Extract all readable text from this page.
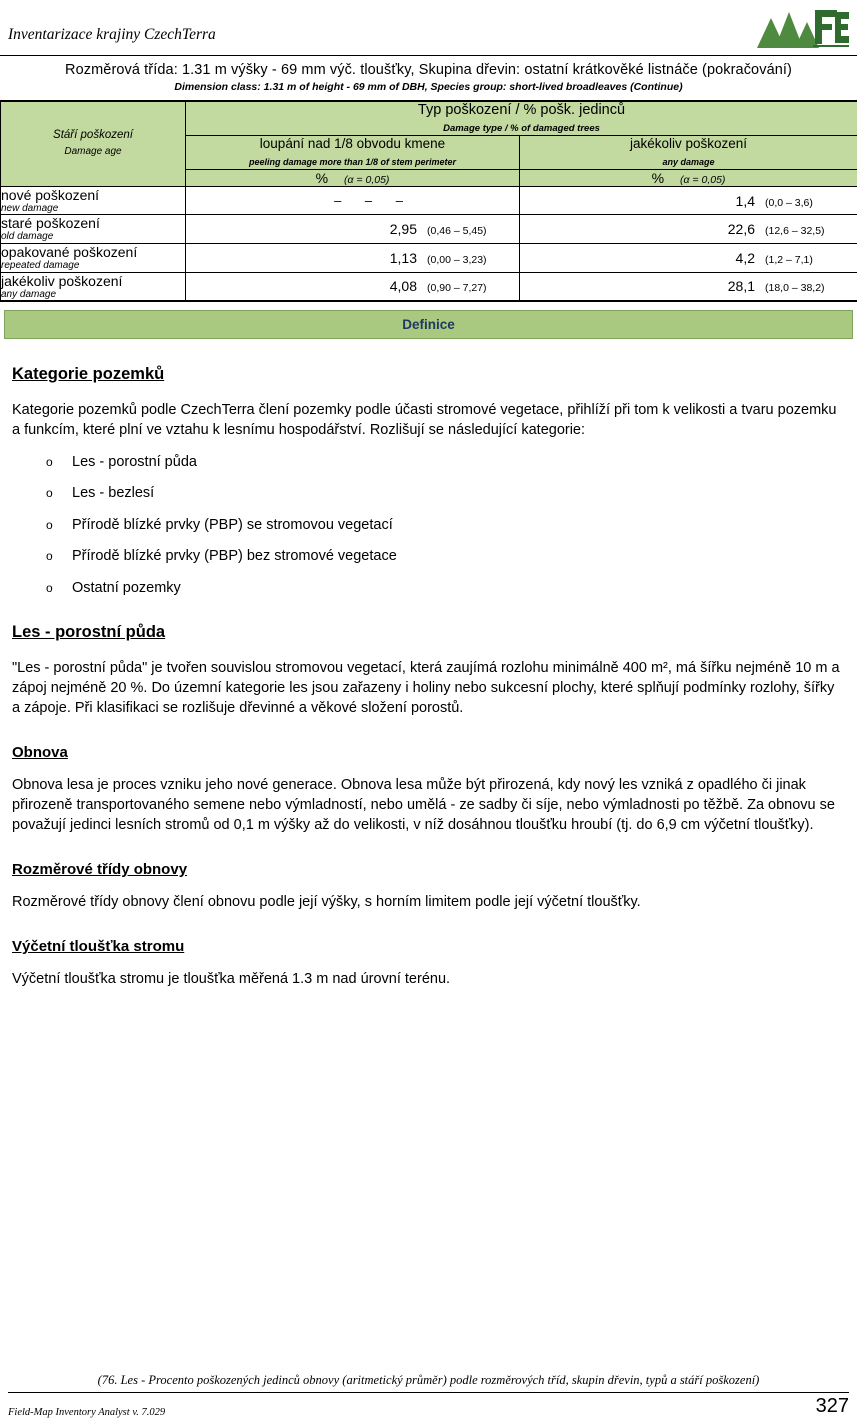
Inventarizace krajiny CzechTerra
Rozměrová třída: 1.31 m výšky - 69 mm výč. tloušťky, Skupina dřevin: ostatní krátkověké listnáče (pokračování)
Dimension class: 1.31 m of height - 69 mm of DBH, Species group: short-lived broadleaves (Continue)
Stáří poškození
Damage age	Typ poškození / % pošk. jedinců
Damage type / % of damaged trees	
	loupání nad 1/8 obvodu kmene
peeling damage more than 1/8 of stem perimeter	jakékoliv poškození
any damage

	% (α = 0,05)	% (α = 0,05)

nové poškození
new damage	– – –	1,4 (0,0 – 3,6)

staré poškození
old damage	2,95 (0,46 – 5,45)	22,6 (12,6 – 32,5)

opakované poškození
repeated damage	1,13 (0,00 – 3,23)	4,2 (1,2 – 7,1)

jakékoliv poškození
any damage	4,08 (0,90 – 7,27)	28,1 (18,0 – 38,2)
Definice
Kategorie pozemků

Kategorie pozemků podle CzechTerra člení pozemky podle účasti stromové vegetace, přihlíží při tom k velikosti a tvaru pozemku a funkcím, které plní ve vztahu k lesnímu hospodářství. Rozlišují se následující kategorie:

o Les - porostní půda
o Les - bezlesí
o Přírodě blízké prvky (PBP) se stromovou vegetací
o Přírodě blízké prvky (PBP) bez stromové vegetace
o Ostatní pozemky
Les - porostní půda

"Les - porostní půda" je tvořen souvislou stromovou vegetací, která zaujímá rozlohu minimálně 400 m², má šířku nejméně 10 m a zápoj nejméně 20 %. Do územní kategorie les jsou zařazeny i holiny nebo sukcesní plochy, které splňují podmínky rozlohy, šířky a zápoje. Při klasifikaci se rozlišuje dřevinné a věkové složení porostů.

Obnova

Obnova lesa je proces vzniku jeho nové generace. Obnova lesa může být přirozená, kdy nový les vzniká z opadlého či jinak přirozeně transportovaného semene nebo výmladností, nebo umělá - ze sadby či síje, nebo výmladnosti po těžbě. Za obnovu se považují jedinci lesních stromů od 0,1 m výšky až do velikosti, v níž dosáhnou tloušťku hroubí (tj. do 6,9 cm výčetní tloušťky).

Rozměrové třídy obnovy

Rozměrové třídy obnovy člení obnovu podle její výšky, s horním limitem podle její výčetní tloušťky.

Výčetní tloušťka stromu

Výčetní tloušťka stromu je tloušťka měřená 1.3 m nad úrovní terénu.

(76. Les - Procento poškozených jedinců obnovy (aritmetický průměr) podle rozměrových tříd, skupin dřevin, typů a stáří poškození)
Field-Map Inventory Analyst v. 7.029	327
